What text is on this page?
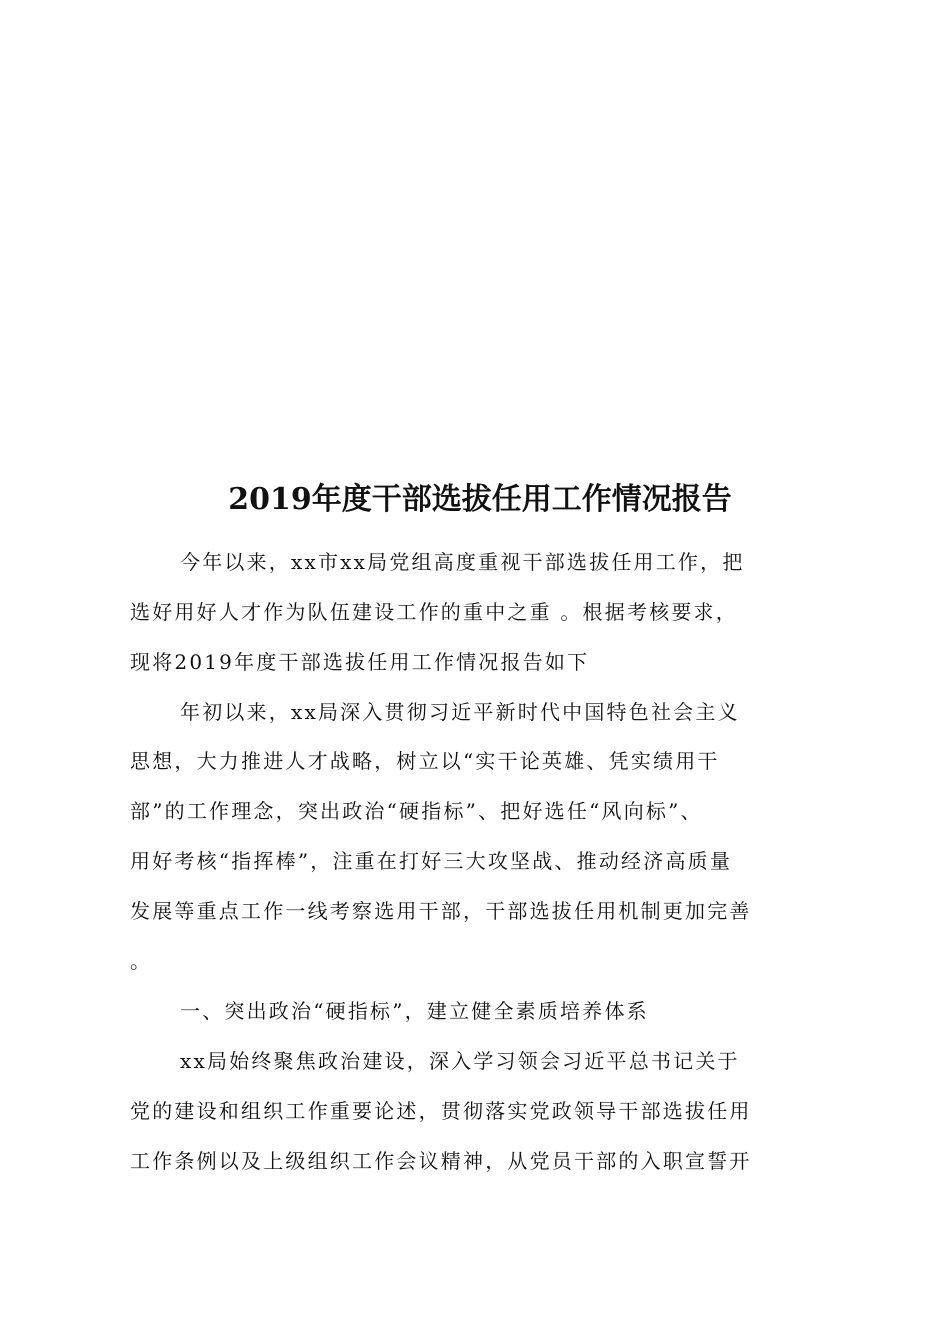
2019年度干部选拔任用工作情况报告
今年以来，xx市xx局党组高度重视干部选拔任用工作，把
选好用好人才作为队伍建设工作的重中之重 。根据考核要求，
现将2019年度干部选拔任用工作情况报告如下
年初以来，xx局深入贯彻习近平新时代中国特色社会主义
思想，大力推进人才战略，树立以“实干论英雄、凭实绩用干
部”的工作理念，突出政治“硬指标”、把好选任“风向标”、
用好考核“指挥棒”，注重在打好三大攻坚战、推动经济高质量
发展等重点工作一线考察选用干部，干部选拔任用机制更加完善
。
一、突出政治“硬指标”，建立健全素质培养体系
xx局始终聚焦政治建设，深入学习领会习近平总书记关于
党的建设和组织工作重要论述，贯彻落实党政领导干部选拔任用
工作条例以及上级组织工作会议精神，从党员干部的入职宣誓开
